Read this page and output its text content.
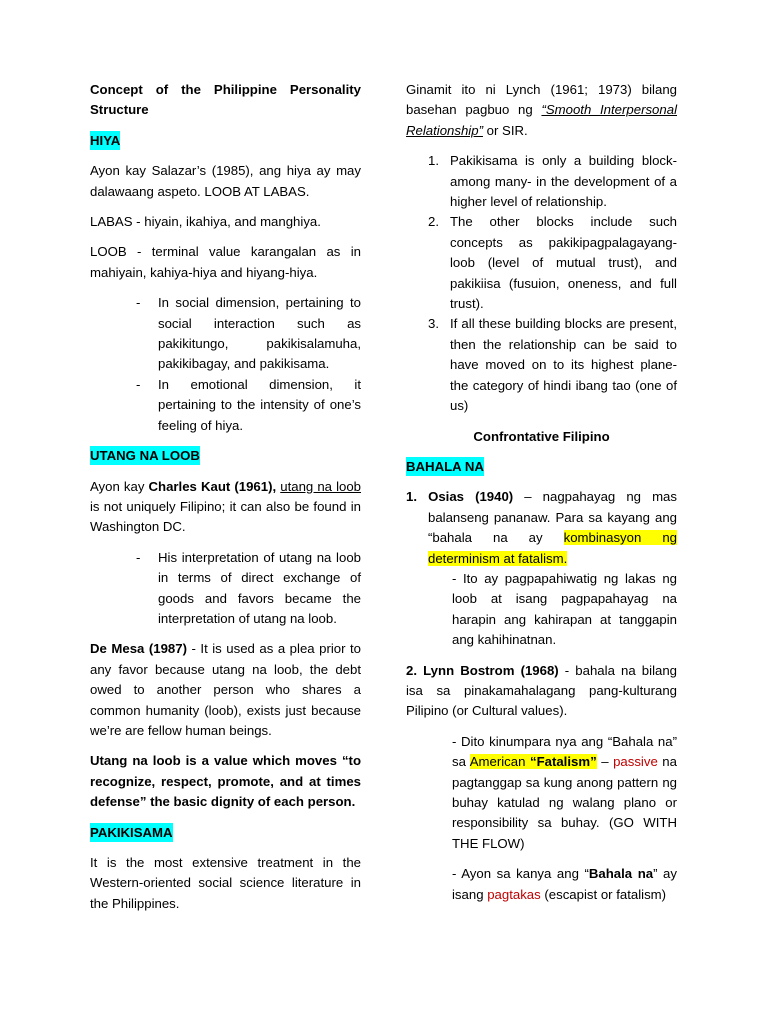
Concept of the Philippine Personality Structure

HIYA

Ayon kay Salazar’s (1985), ang hiya ay may dalawaang aspeto. LOOB AT LABAS.

LABAS - hiyain, ikahiya, and manghiya.

LOOB - terminal value karangalan as in mahiyain, kahiya-hiya and hiyang-hiya.

- In social dimension, pertaining to social interaction such as pakikitungo, pakikisalamuha, pakikibagay, and pakikisama.

- In emotional dimension, it pertaining to the intensity of one’s feeling of hiya.

UTANG NA LOOB

Ayon kay Charles Kaut (1961), utang na loob is not uniquely Filipino; it can also be found in Washington DC.

- His interpretation of utang na loob in terms of direct exchange of goods and favors became the interpretation of utang na loob.

De Mesa (1987) - It is used as a plea prior to any favor because utang na loob, the debt owed to another person who shares a common humanity (loob), exists just because we’re are fellow human beings.

Utang na loob is a value which moves “to recognize, respect, promote, and at times defense” the basic dignity of each person.

PAKIKISAMA

It is the most extensive treatment in the Western-oriented social science literature in the Philippines.

Ginamit ito ni Lynch (1961; 1973) bilang basehan pagbuo ng “Smooth Interpersonal Relationship” or SIR.

1. Pakikisama is only a building block- among many- in the development of a higher level of relationship.

2. The other blocks include such concepts as pakikipagpalagayang-loob (level of mutual trust), and pakikiisa (fusuion, oneness, and full trust).

3. If all these building blocks are present, then the relationship can be said to have moved on to its highest plane- the category of hindi ibang tao (one of us)

Confrontative Filipino

BAHALA NA

1. Osias (1940) – nagpahayag ng mas balanseng pananaw. Para sa kayang ang “bahala na ay kombinasyon ng determinism at fatalism.

- Ito ay pagpapahiwatig ng lakas ng loob at isang pagpapahayag na harapin ang kahirapan at tanggapin ang kahihinatnan.

2. Lynn Bostrom (1968) - bahala na bilang isa sa pinakamahalagang pang-kulturang Pilipino (or Cultural values).

- Dito kinumpara nya ang “Bahala na” sa American “Fatalism” – passive na pagtanggap sa kung anong pattern ng buhay katulad ng walang plano or responsibility sa buhay. (GO WITH THE FLOW)

- Ayon sa kanya ang “Bahala na” ay isang pagtakas (escapist or fatalism)
